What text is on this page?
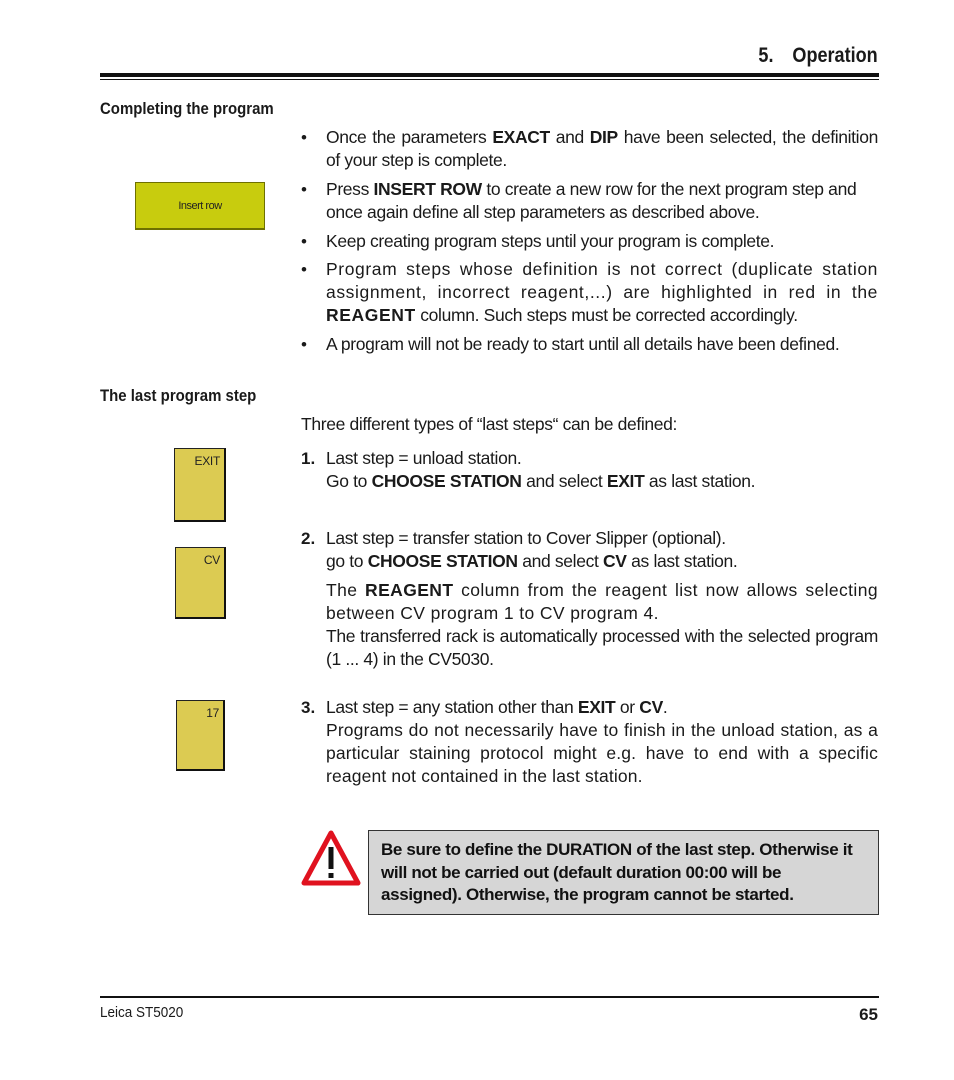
5. Operation
Completing the program
Insert row
• Once the parameters EXACT and DIP have been selected, the definition of your step is complete.
• Press INSERT ROW to create a new row for the next program step and once again define all step parameters as described above.
• Keep creating program steps until your program is complete.
• Program steps whose definition is not correct (duplicate station assignment, incorrect reagent,...) are highlighted in red in the REAGENT column. Such steps must be corrected accordingly.
• A program will not be ready to start until all details have been defined.
The last program step
Three different types of “last steps“ can be defined:
EXIT
CV
17
1. Last step = unload station.
Go to CHOOSE STATION and select EXIT as last station.
2. Last step = transfer station to Cover Slipper (optional).
go to CHOOSE STATION and select CV as last station.
The REAGENT column from the reagent list now allows selecting between CV program 1 to CV program 4.
The transferred rack is automatically processed with the selected program (1 ... 4) in the CV5030.
3. Last step = any station other than EXIT or CV.
Programs do not necessarily have to finish in the unload station, as a particular staining protocol might e.g. have to end with a specific reagent not contained in the last station.
Be sure to define the DURATION of the last step. Otherwise it will not be carried out (default duration 00:00 will be assigned). Otherwise, the program cannot be started.
Leica ST5020	65
